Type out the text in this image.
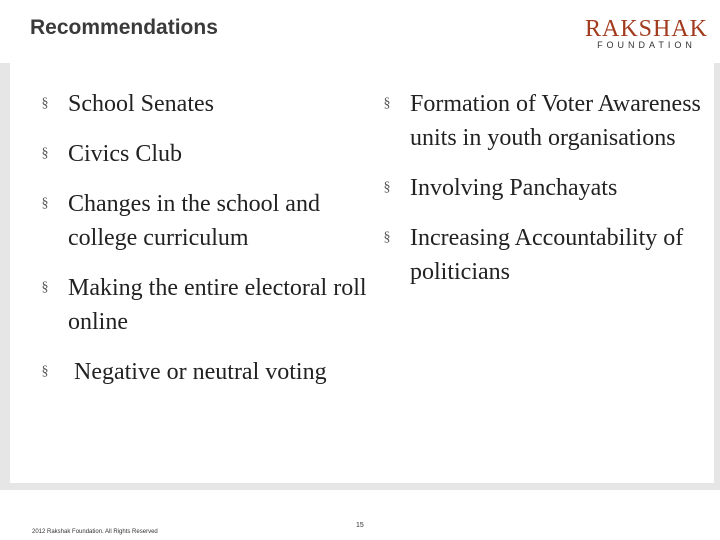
Recommendations	RAKSHAK
FOUNDATION
§ School Senates
§ Civics Club
§ Changes in the school and college curriculum
§ Making the entire electoral roll online
§ Negative or neutral voting
§ Formation of Voter Awareness units in youth organisations
§ Involving Panchayats
§ Increasing Accountability of politicians
2012 Rakshak Foundation. All Rights Reserved
15
